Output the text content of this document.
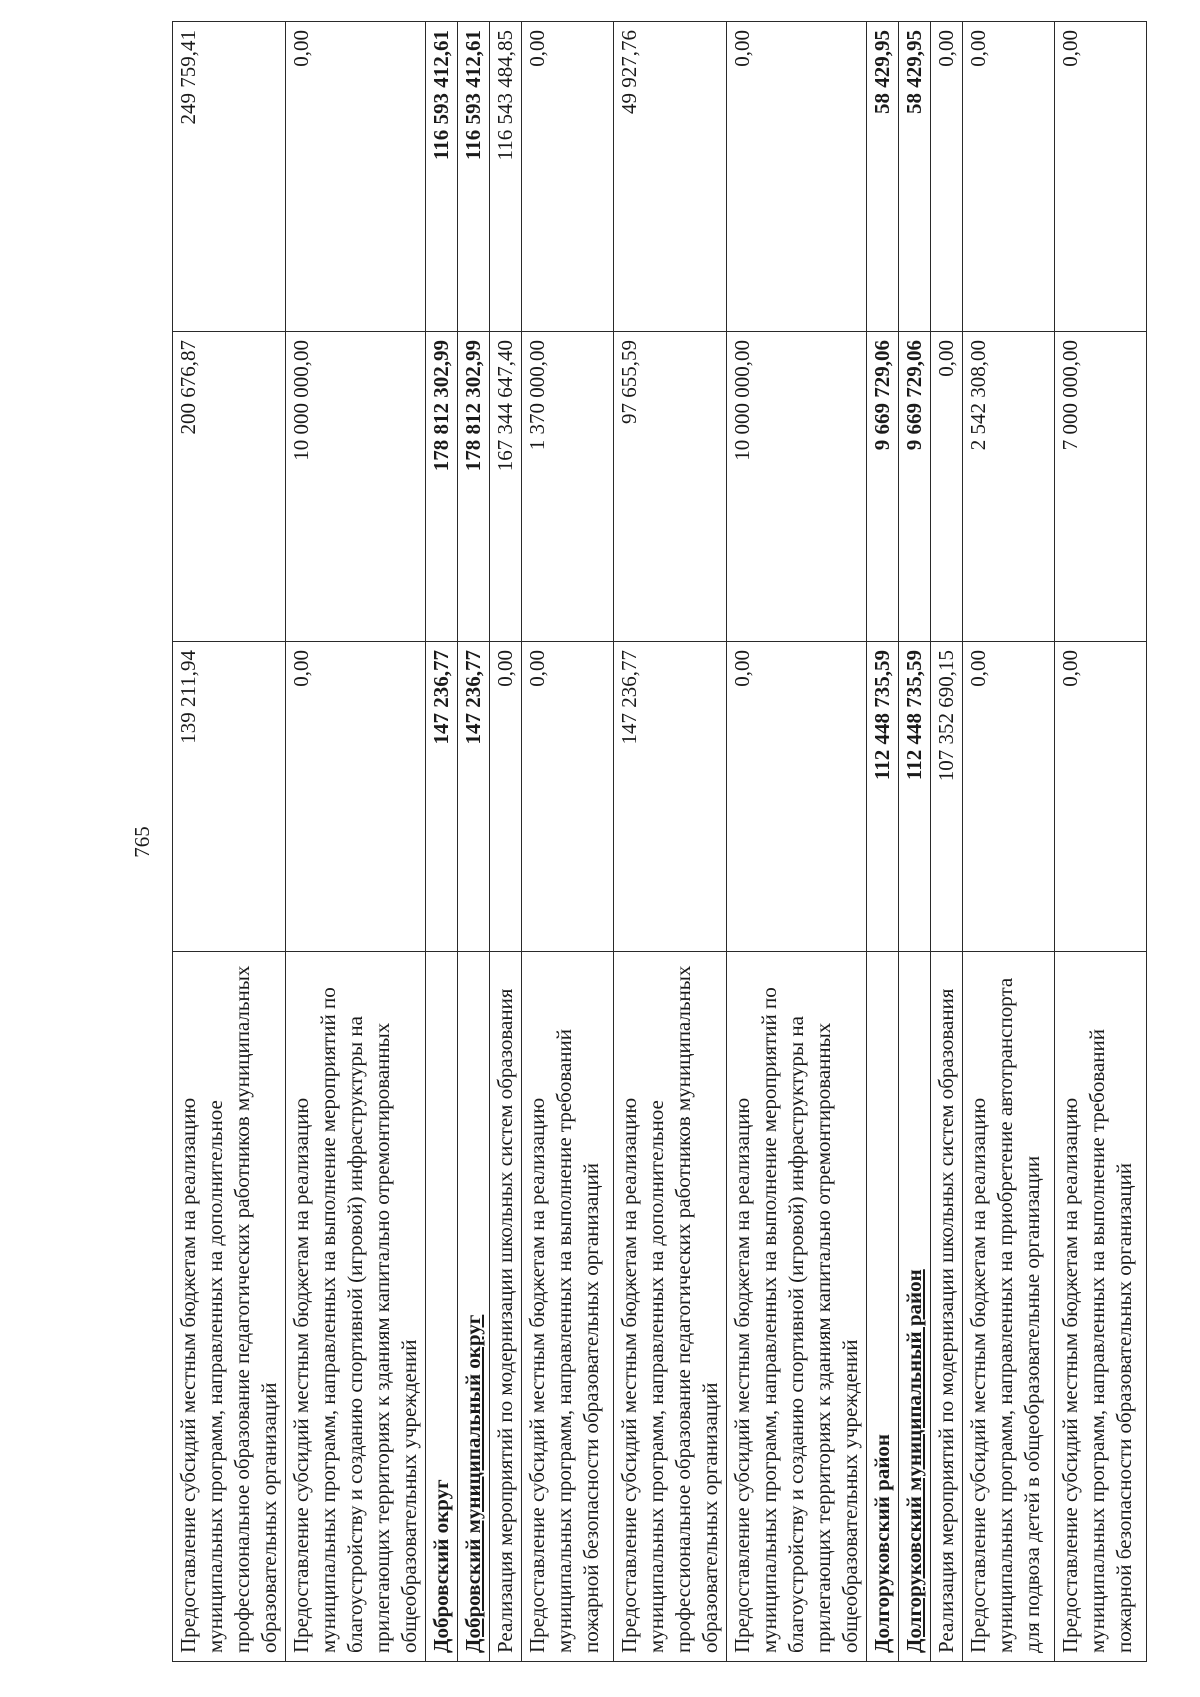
765
Предоставление субсидий местным бюджетам на реализацию муниципальных программ, направленных на дополнительное профессиональное образование педагогических работников муниципальных образовательных организаций	139 211,94	200 676,87	249 759,41
Предоставление субсидий местным бюджетам на реализацию муниципальных программ, направленных на выполнение мероприятий по благоустройству и созданию спортивной (игровой) инфраструктуры на прилегающих территориях к зданиям капитально отремонтированных общеобразовательных учреждений	0,00	10 000 000,00	0,00
Добровский округ	147 236,77	178 812 302,99	116 593 412,61
Добровский муниципальный округ	147 236,77	178 812 302,99	116 593 412,61
Реализация мероприятий по модернизации школьных систем образования	0,00	167 344 647,40	116 543 484,85
Предоставление субсидий местным бюджетам на реализацию муниципальных программ, направленных на выполнение требований пожарной безопасности образовательных организаций	0,00	1 370 000,00	0,00
Предоставление субсидий местным бюджетам на реализацию муниципальных программ, направленных на дополнительное профессиональное образование педагогических работников муниципальных образовательных организаций	147 236,77	97 655,59	49 927,76
Предоставление субсидий местным бюджетам на реализацию муниципальных программ, направленных на выполнение мероприятий по благоустройству и созданию спортивной (игровой) инфраструктуры на прилегающих территориях к зданиям капитально отремонтированных общеобразовательных учреждений	0,00	10 000 000,00	0,00
Долгоруковский район	112 448 735,59	9 669 729,06	58 429,95
Долгоруковский муниципальный район	112 448 735,59	9 669 729,06	58 429,95
Реализация мероприятий по модернизации школьных систем образования	107 352 690,15	0,00	0,00
Предоставление субсидий местным бюджетам на реализацию муниципальных программ, направленных на приобретение автотранспорта для подвоза детей в общеобразовательные организации	0,00	2 542 308,00	0,00
Предоставление субсидий местным бюджетам на реализацию муниципальных программ, направленных на выполнение требований пожарной безопасности образовательных организаций	0,00	7 000 000,00	0,00
